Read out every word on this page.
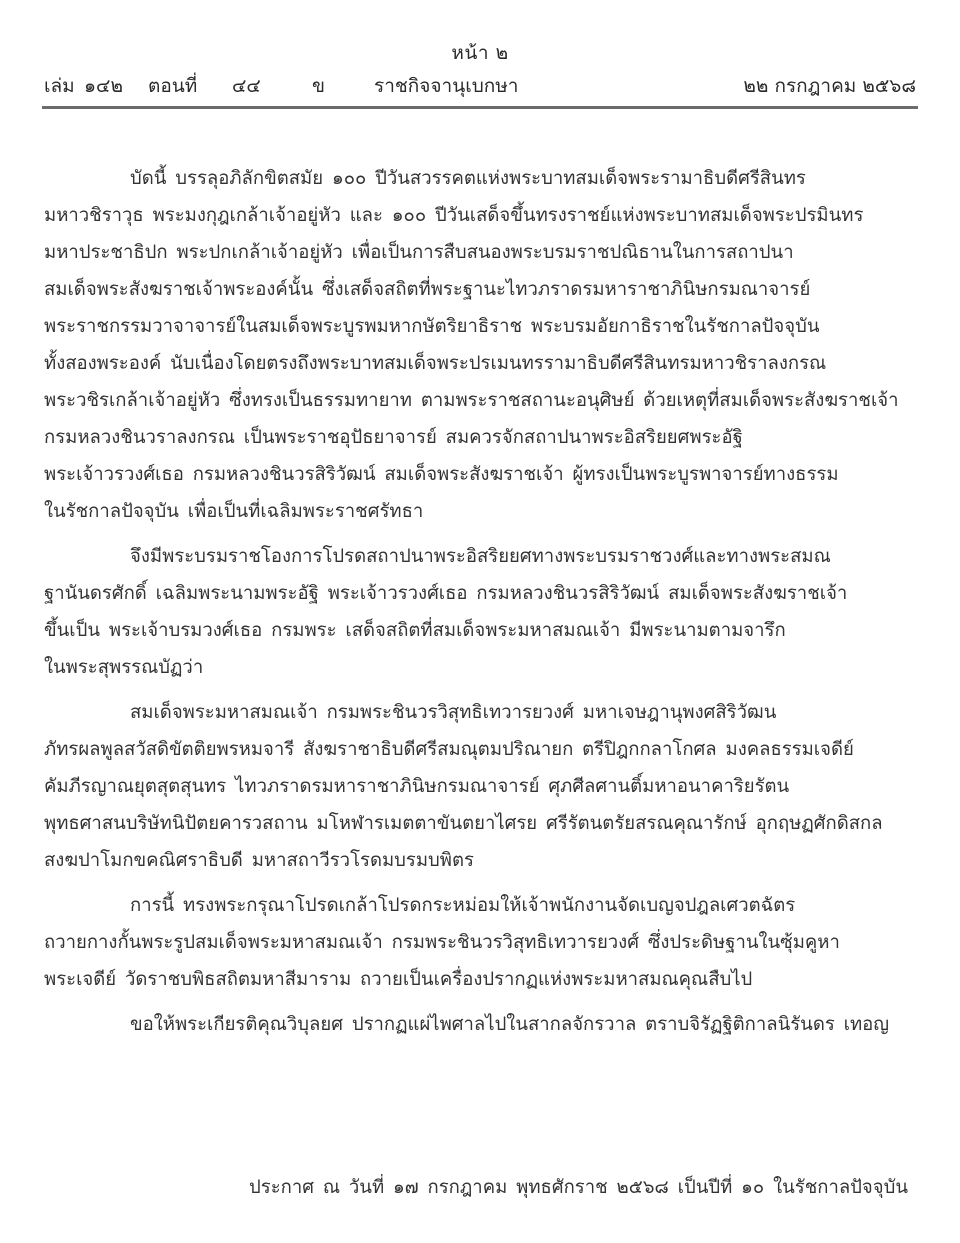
หน้า ๒
เล่ม ๑๔๒ ตอนที่ ๔๔	ข	ราชกิจจานุเบกษา	๒๒ กรกฎาคม ๒๕๖๘
บัดนี้ บรรลุอภิลักขิตสมัย ๑๐๐ ปีวันสวรรคตแห่งพระบาทสมเด็จพระรามาธิบดีศรีสินทร
มหาวชิราวุธ พระมงกุฎเกล้าเจ้าอยู่หัว และ ๑๐๐ ปีวันเสด็จขึ้นทรงราชย์แห่งพระบาทสมเด็จพระปรมินทร
มหาประชาธิปก พระปกเกล้าเจ้าอยู่หัว เพื่อเป็นการสืบสนองพระบรมราชปณิธานในการสถาปนา
สมเด็จพระสังฆราชเจ้าพระองค์นั้น ซึ่งเสด็จสถิตที่พระฐานะไทวภราดรมหาราชาภินิษกรมณาจารย์
พระราชกรรมวาจาจารย์ในสมเด็จพระบูรพมหากษัตริยาธิราช พระบรมอัยกาธิราชในรัชกาลปัจจุบัน
ทั้งสองพระองค์ นับเนื่องโดยตรงถึงพระบาทสมเด็จพระปรเมนทรรามาธิบดีศรีสินทรมหาวชิราลงกรณ
พระวชิรเกล้าเจ้าอยู่หัว ซึ่งทรงเป็นธรรมทายาท ตามพระราชสถานะอนุศิษย์ ด้วยเหตุที่สมเด็จพระสังฆราชเจ้า
กรมหลวงชินวราลงกรณ เป็นพระราชอุปัธยาจารย์ สมควรจักสถาปนาพระอิสริยยศพระอัฐิ
พระเจ้าวรวงศ์เธอ กรมหลวงชินวรสิริวัฒน์ สมเด็จพระสังฆราชเจ้า ผู้ทรงเป็นพระบูรพาจารย์ทางธรรม
ในรัชกาลปัจจุบัน เพื่อเป็นที่เฉลิมพระราชศรัทธา
จึงมีพระบรมราชโองการโปรดสถาปนาพระอิสริยยศทางพระบรมราชวงศ์และทางพระสมณ
ฐานันดรศักดิ์ เฉลิมพระนามพระอัฐิ พระเจ้าวรวงศ์เธอ กรมหลวงชินวรสิริวัฒน์ สมเด็จพระสังฆราชเจ้า
ขึ้นเป็น พระเจ้าบรมวงศ์เธอ กรมพระ เสด็จสถิตที่สมเด็จพระมหาสมณเจ้า มีพระนามตามจารึก
ในพระสุพรรณบัฏว่า
สมเด็จพระมหาสมณเจ้า กรมพระชินวรวิสุทธิเทวารยวงศ์ มหาเจษฎานุพงศสิริวัฒน
ภัทรผลพูลสวัสดิขัตติยพรหมจารี สังฆราชาธิบดีศรีสมณุตมปริณายก ตรีปิฎกกลาโกศล มงคลธรรมเจดีย์
คัมภีรญาณยุตสุตสุนทร ไทวภราดรมหาราชาภินิษกรมณาจารย์ ศุภศีลศานติ์มหาอนาคาริยรัตน
พุทธศาสนบริษัทนิปัตยคารวสถาน มโหฬารเมตตาขันตยาไศรย ศรีรัตนตรัยสรณคุณารักษ์ อุกฤษฏศักดิสกล
สงฆปาโมกขคณิศราธิบดี มหาสถาวีรวโรดมบรมบพิตร
การนี้ ทรงพระกรุณาโปรดเกล้าโปรดกระหม่อมให้เจ้าพนักงานจัดเบญจปฎลเศวตฉัตร
ถวายกางกั้นพระรูปสมเด็จพระมหาสมณเจ้า กรมพระชินวรวิสุทธิเทวารยวงศ์ ซึ่งประดิษฐานในซุ้มคูหา
พระเจดีย์ วัดราชบพิธสถิตมหาสีมาราม ถวายเป็นเครื่องปรากฏแห่งพระมหาสมณคุณสืบไป
ขอให้พระเกียรติคุณวิบุลยศ ปรากฏแผ่ไพศาลไปในสากลจักรวาล ตราบจิรัฏฐิติกาลนิรันดร เทอญ
ประกาศ ณ วันที่ ๑๗ กรกฎาคม พุทธศักราช ๒๕๖๘ เป็นปีที่ ๑๐ ในรัชกาลปัจจุบัน
